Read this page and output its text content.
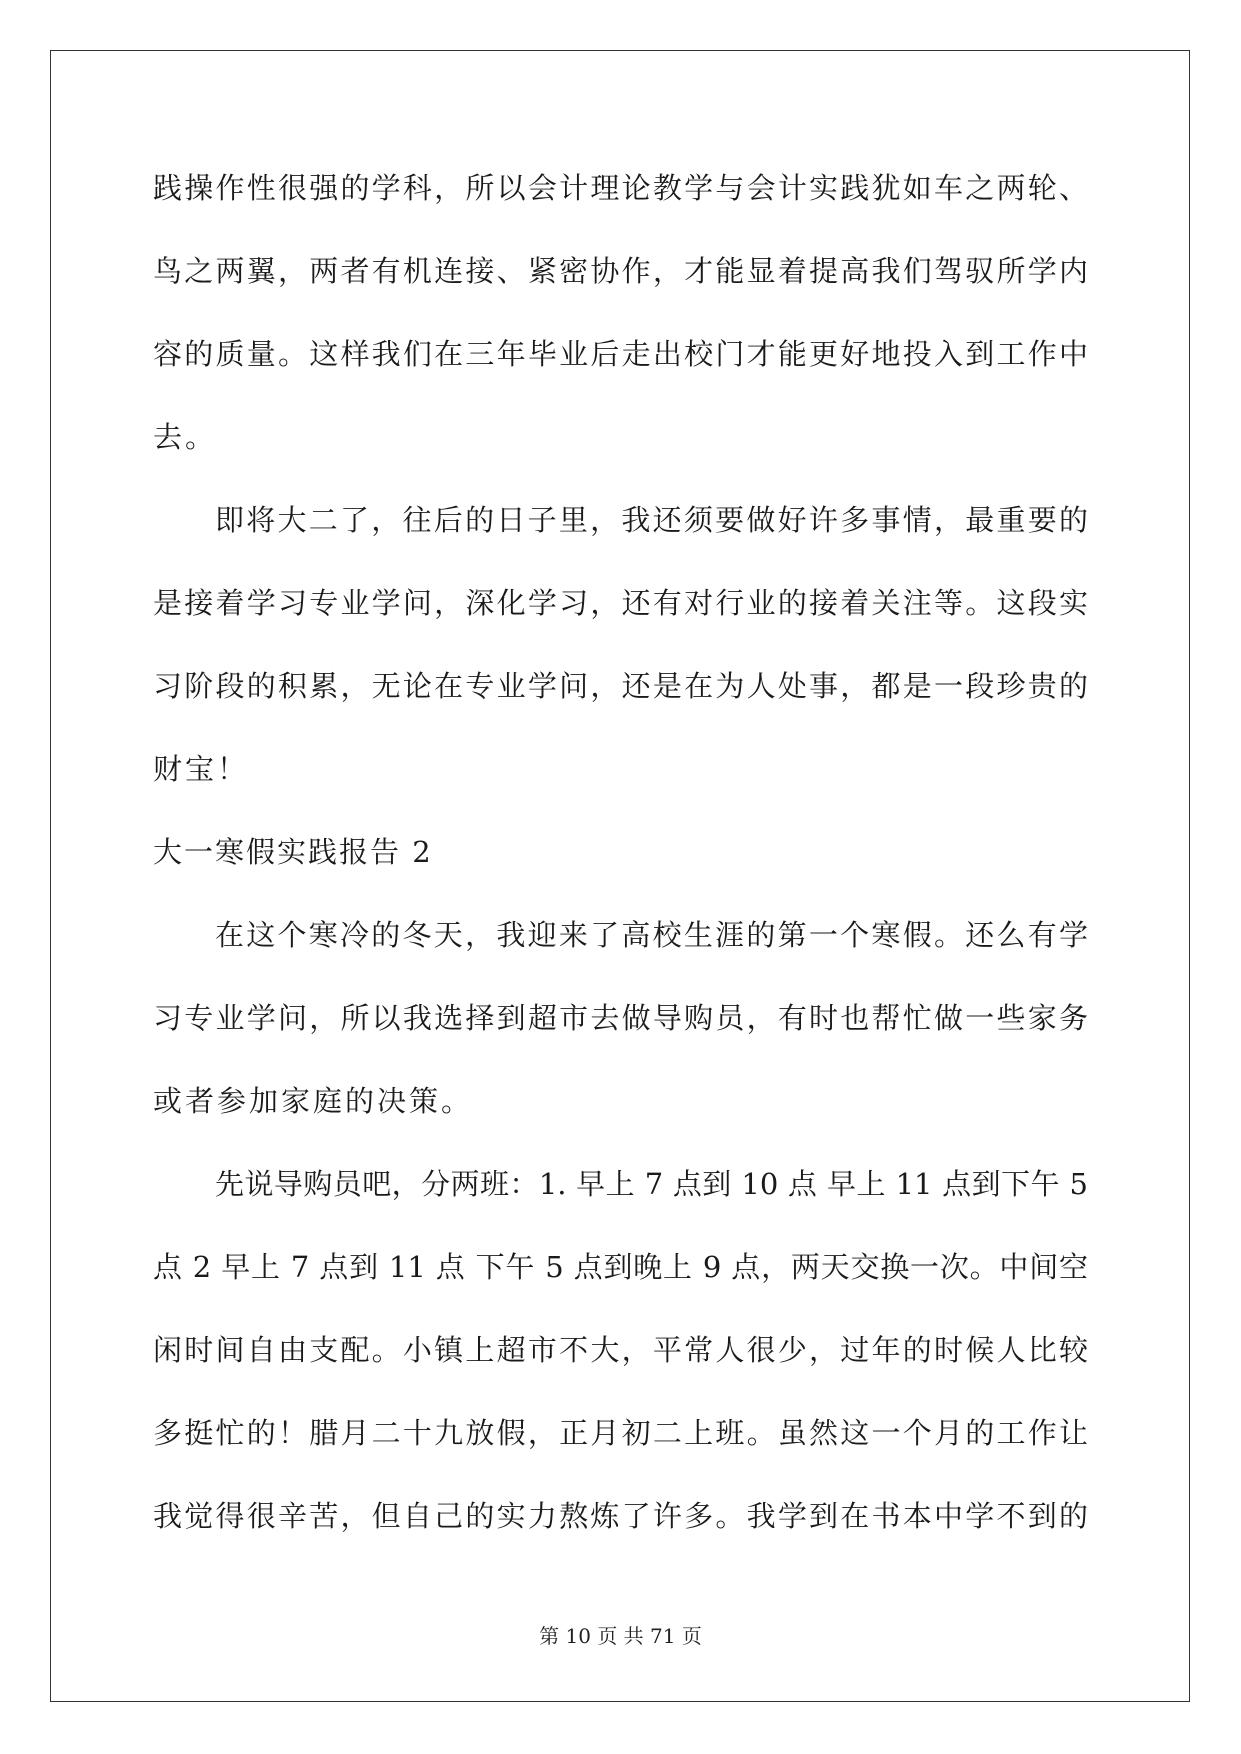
践操作性很强的学科，所以会计理论教学与会计实践犹如车之两轮、

鸟之两翼，两者有机连接、紧密协作，才能显着提高我们驾驭所学内

容的质量。这样我们在三年毕业后走出校门才能更好地投入到工作中

去。

即将大二了，往后的日子里，我还须要做好许多事情，最重要的

是接着学习专业学问，深化学习，还有对行业的接着关注等。这段实

习阶段的积累，无论在专业学问，还是在为人处事，都是一段珍贵的

财宝！

大一寒假实践报告 2

在这个寒冷的冬天，我迎来了高校生涯的第一个寒假。还么有学

习专业学问，所以我选择到超市去做导购员，有时也帮忙做一些家务

或者参加家庭的决策。

先说导购员吧，分两班：1. 早上 7 点到 10 点 早上 11 点到下午 5

点 2 早上 7 点到 11 点 下午 5 点到晚上 9 点，两天交换一次。中间空

闲时间自由支配。小镇上超市不大，平常人很少，过年的时候人比较

多挺忙的！腊月二十九放假，正月初二上班。虽然这一个月的工作让

我觉得很辛苦，但自己的实力熬炼了许多。我学到在书本中学不到的

第 10 页 共 71 页
